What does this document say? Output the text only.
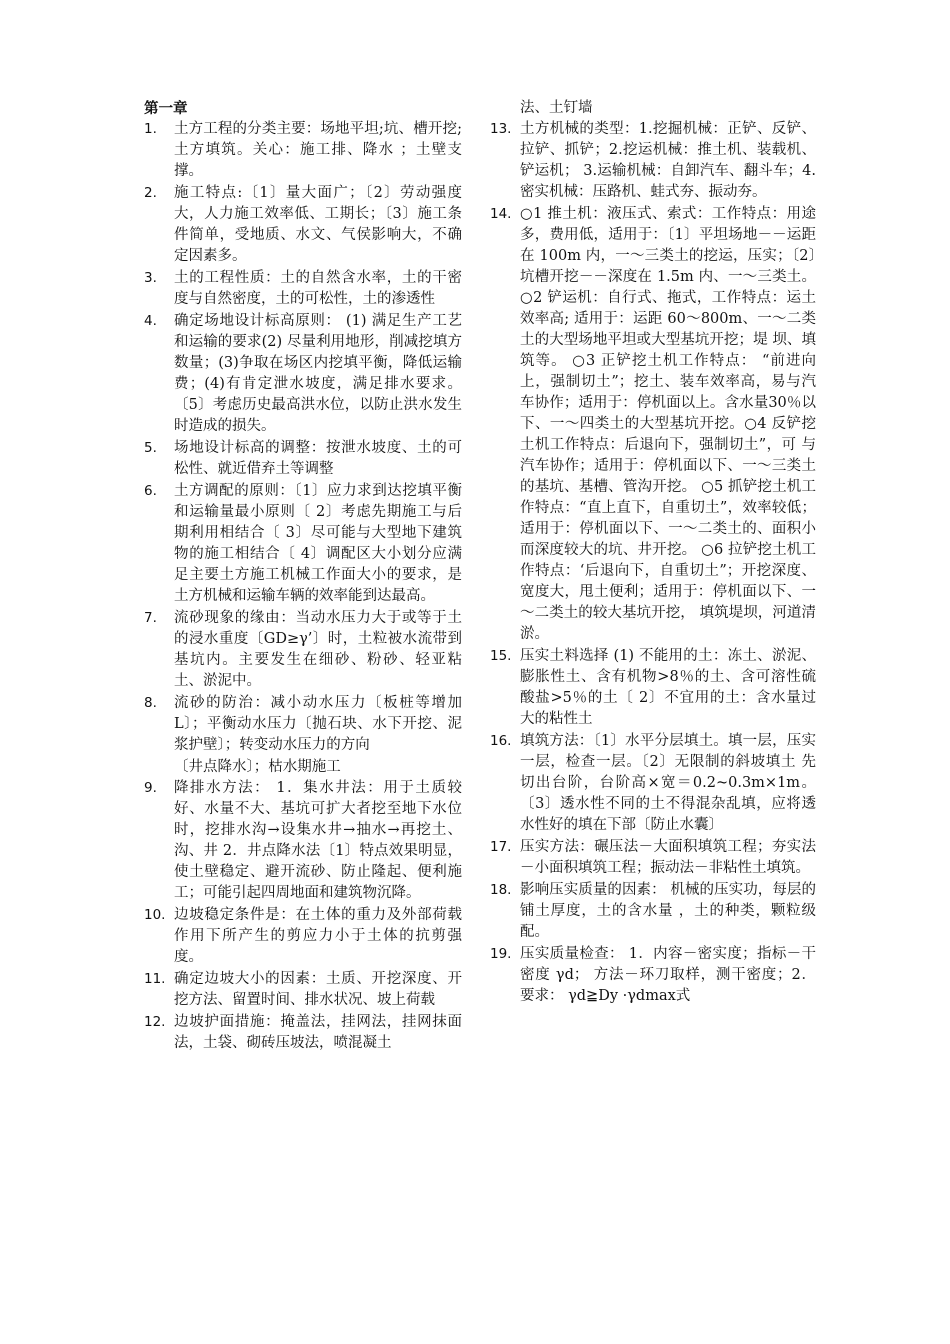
第一章
1.	土方工程的分类主要：场地平坦;坑、槽开挖;土方填筑。关心：施工排、降水 ；土壁支撑。
2.	施工特点:〔1〕量大面广；〔2〕劳动强度大，人力施工效率低、工期长；〔3〕施工条件简单，受地质、水文、气侯影响大，不确定因素多。
3.	土的工程性质：土的自然含水率，土的干密度与自然密度，土的可松性，土的渗透性
4.	确定场地设计标高原则： (1) 满足生产工艺和运输的要求(2) 尽量利用地形，削减挖填方数量；(3)争取在场区内挖填平衡，降低运输费；(4)有肯定泄水坡度，满足排水要求。〔5〕考虑历史最高洪水位，以防止洪水发生时造成的损失。
5.	场地设计标高的调整：按泄水坡度、土的可松性、就近借弃土等调整
6.	土方调配的原则：〔1〕应力求到达挖填平衡和运输量最小原则〔 2〕考虑先期施工与后期利用相结合〔 3〕尽可能与大型地下建筑物的施工相结合〔 4〕调配区大小划分应满足主要土方施工机械工作面大小的要求，是土方机械和运输车辆的效率能到达最高。
7.	流砂现象的缘由：当动水压力大于或等于土的浸水重度〔GD≥γ’〕时，土粒被水流带到基坑内。主要发生在细砂、粉砂、轻亚粘土、淤泥中。
8.	流砂的防治：减小动水压力〔板桩等增加 L〕；平衡动水压力〔抛石块、水下开挖、泥浆护壁〕；转变动水压力的方向
〔井点降水〕；枯水期施工
9.	降排水方法： 1．集水井法：用于土质较好、水量不大、基坑可扩大者挖至地下水位时，挖排水沟→设集水井→抽水→再挖土、沟、井 2．井点降水法〔1〕特点效果明显，使土壁稳定、避开流砂、防止隆起、便利施工；可能引起四周地面和建筑物沉降。
10. 边坡稳定条件是：在土体的重力及外部荷载作用下所产生的剪应力小于土体的抗剪强度。
11. 确定边坡大小的因素：土质、开挖深度、开挖方法、留置时间、排水状况、坡上荷载
12. 边坡护面措施：掩盖法，挂网法，挂网抹面法，土袋、砌砖压坡法，喷混凝土
法、土钉墙
13. 土方机械的类型：1.挖掘机械：正铲、反铲、拉铲、抓铲；2.挖运机械：推土机、装载机、铲运机； 3.运输机械：自卸汽车、翻斗车；4.密实机械：压路机、蛙式夯、振动夯。
14. ○1 推土机：液压式、索式：工作特点：用途多，费用低，适用于：〔1〕平坦场地－－运距在 100m 内，一～三类土的挖运，压实；〔2〕坑槽开挖－－深度在 1.5m 内、一～三类土。 ○2 铲运机：自行式、拖式，工作特点：运土效率高; 适用于：运距 60～800m、一～二类土的大型场地平坦或大型基坑开挖；堤 坝、填筑等。 ○3 正铲挖土机工作特点： “前进向上，强制切土”；挖土、装车效率高，易与汽车协作；适用于：停机面以上。含水量30％以下、一～四类土的大型基坑开挖。○4 反铲挖土机工作特点：后退向下，强制切土”，可 与汽车协作；适用于：停机面以下、一～三类土的基坑、基槽、管沟开挖。 ○5 抓铲挖土机工作特点：“直上直下，自重切土”，效率较低；适用于：停机面以下、一～二类土的、面积小而深度较大的坑、井开挖。 ○6 拉铲挖土机工作特点：‘后退向下，自重切土”；开挖深度、宽度大，甩土便利；适用于：停机面以下、一～二类土的较大基坑开挖， 填筑堤坝，河道清淤。
15. 压实土料选择 (1) 不能用的土：冻土、淤泥、膨胀性土、含有机物>8％的土、含可溶性硫酸盐>5％的土〔 2〕不宜用的土：含水量过大的粘性土
16. 填筑方法：〔1〕水平分层填土。填一层，压实一层，检查一层。〔2〕无限制的斜坡填土 先切出台阶，台阶高×宽＝0.2~0.3m×1m。〔3〕透水性不同的土不得混杂乱填，应将透水性好的填在下部〔防止水囊〕
17. 压实方法：碾压法－大面积填筑工程；夯实法－小面积填筑工程；振动法－非粘性土填筑。
18. 影响压实质量的因素： 机械的压实功，每层的铺土厚度，土的含水量 ，土的种类，颗粒级配。
19. 压实质量检查： 1．内容－密实度；指标－干密度 γd； 方法－环刀取样，测干密度；2．要求： γd≧Dy ·γdmax式
